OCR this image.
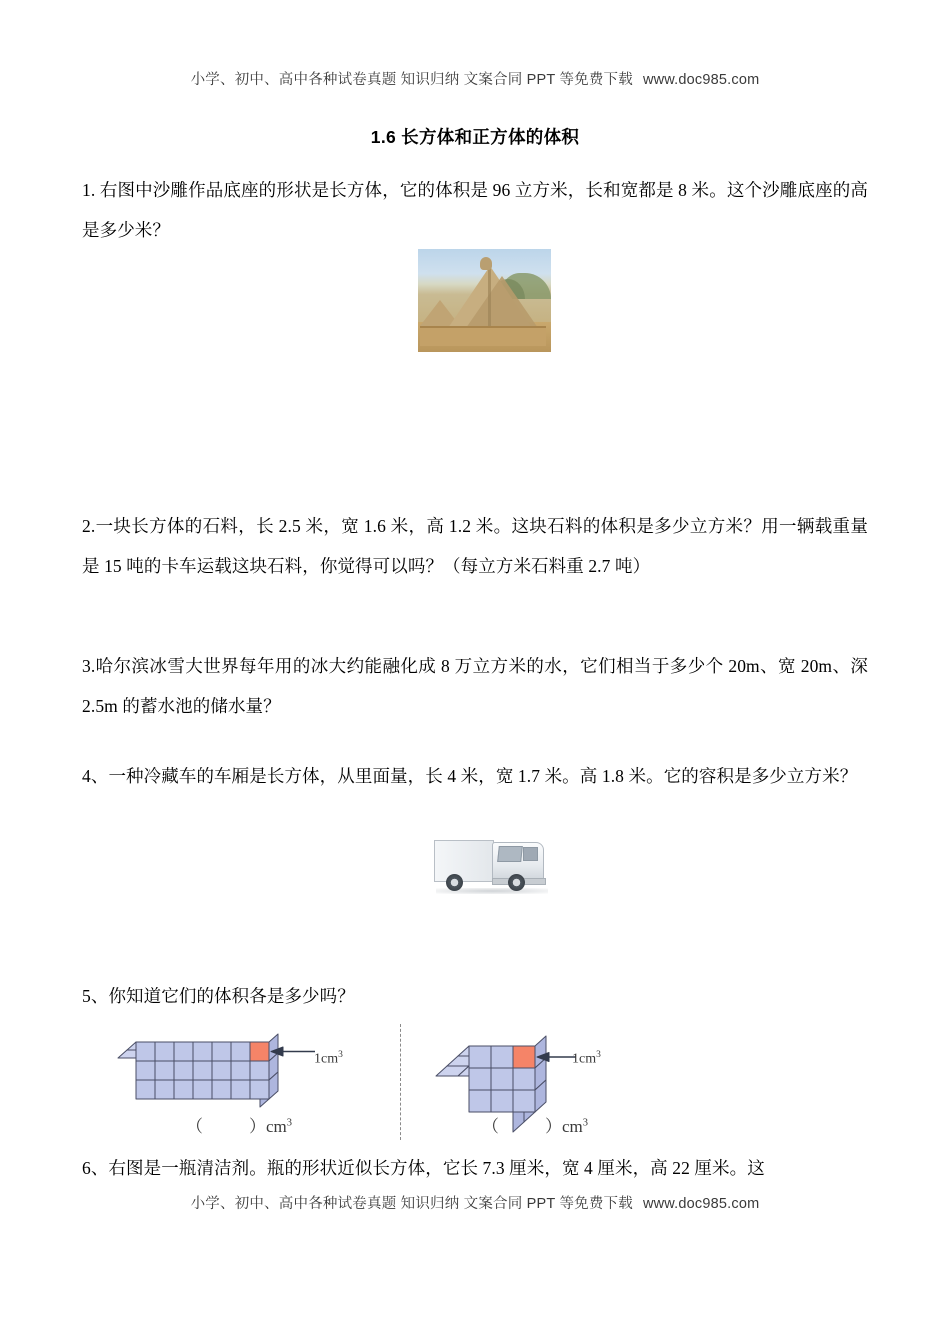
小学、初中、高中各种试卷真题 知识归纳 文案合同 PPT 等免费下载 www.doc985.com
1.6 长方体和正方体的体积
1. 右图中沙雕作品底座的形状是长方体，它的体积是 96 立方米，长和宽都是 8 米。这个沙雕底座的高是多少米？
2.一块长方体的石料，长 2.5 米，宽 1.6 米，高 1.2 米。这块石料的体积是多少立方米？用一辆载重量是 15 吨的卡车运载这块石料，你觉得可以吗？（每立方米石料重 2.7 吨）
3.哈尔滨冰雪大世界每年用的冰大约能融化成 8 万立方米的水，它们相当于多少个 20m、宽 20m、深 2.5m 的蓄水池的储水量？
4、一种冷藏车的车厢是长方体，从里面量，长 4 米，宽 1.7 米。高 1.8 米。它的容积是多少立方米？
5、你知道它们的体积各是多少吗？
$1cm^3$	$1cm^3$
（	）$cm^3$	（	）$cm^3$
6、右图是一瓶清洁剂。瓶的形状近似长方体，它长 7.3 厘米，宽 4 厘米，高 22 厘米。这
小学、初中、高中各种试卷真题 知识归纳 文案合同 PPT 等免费下载 www.doc985.com
